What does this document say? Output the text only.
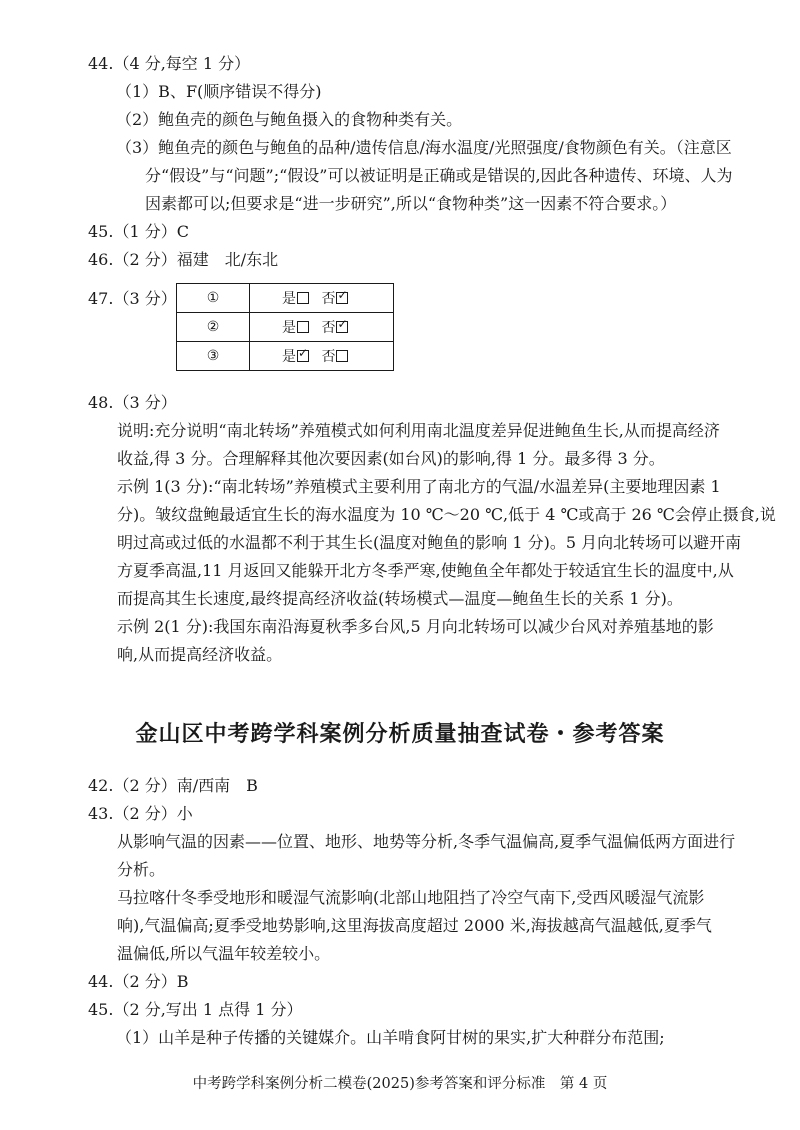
44.（4 分,每空 1 分）
（1）B、F(顺序错误不得分)
（2）鲍鱼壳的颜色与鲍鱼摄入的食物种类有关。
（3）鲍鱼壳的颜色与鲍鱼的品种/遗传信息/海水温度/光照强度/食物颜色有关。（注意区
分“假设”与“问题”;“假设”可以被证明是正确或是错误的,因此各种遗传、环境、人为
因素都可以;但要求是“进一步研究”,所以“食物种类”这一因素不符合要求。）
45.（1 分）C
46.（2 分）福建　北/东北
47.（3 分） ①	是 否✓
②	是 否✓
③	是 ✓ 否
48.（3 分）
说明:充分说明“南北转场”养殖模式如何利用南北温度差异促进鲍鱼生长,从而提高经济
收益,得 3 分。合理解释其他次要因素(如台风)的影响,得 1 分。最多得 3 分。
示例 1(3 分):“南北转场”养殖模式主要利用了南北方的气温/水温差异(主要地理因素 1
分)。皱纹盘鲍最适宜生长的海水温度为 10 ℃～20 ℃,低于 4 ℃或高于 26 ℃会停止摄食,说
明过高或过低的水温都不利于其生长(温度对鲍鱼的影响 1 分)。5 月向北转场可以避开南
方夏季高温,11 月返回又能躲开北方冬季严寒,使鲍鱼全年都处于较适宜生长的温度中,从
而提高其生长速度,最终提高经济收益(转场模式—温度—鲍鱼生长的关系 1 分)。
示例 2(1 分):我国东南沿海夏秋季多台风,5 月向北转场可以减少台风对养殖基地的影
响,从而提高经济收益。
金山区中考跨学科案例分析质量抽查试卷・参考答案
42.（2 分）南/西南　B
43.（2 分）小
从影响气温的因素——位置、地形、地势等分析,冬季气温偏高,夏季气温偏低两方面进行
分析。
马拉喀什冬季受地形和暖湿气流影响(北部山地阻挡了冷空气南下,受西风暖湿气流影
响),气温偏高;夏季受地势影响,这里海拔高度超过 2000 米,海拔越高气温越低,夏季气
温偏低,所以气温年较差较小。
44.（2 分）B
45.（2 分,写出 1 点得 1 分）
（1）山羊是种子传播的关键媒介。山羊啃食阿甘树的果实,扩大种群分布范围;
中考跨学科案例分析二模卷(2025)参考答案和评分标准　第 4 页
